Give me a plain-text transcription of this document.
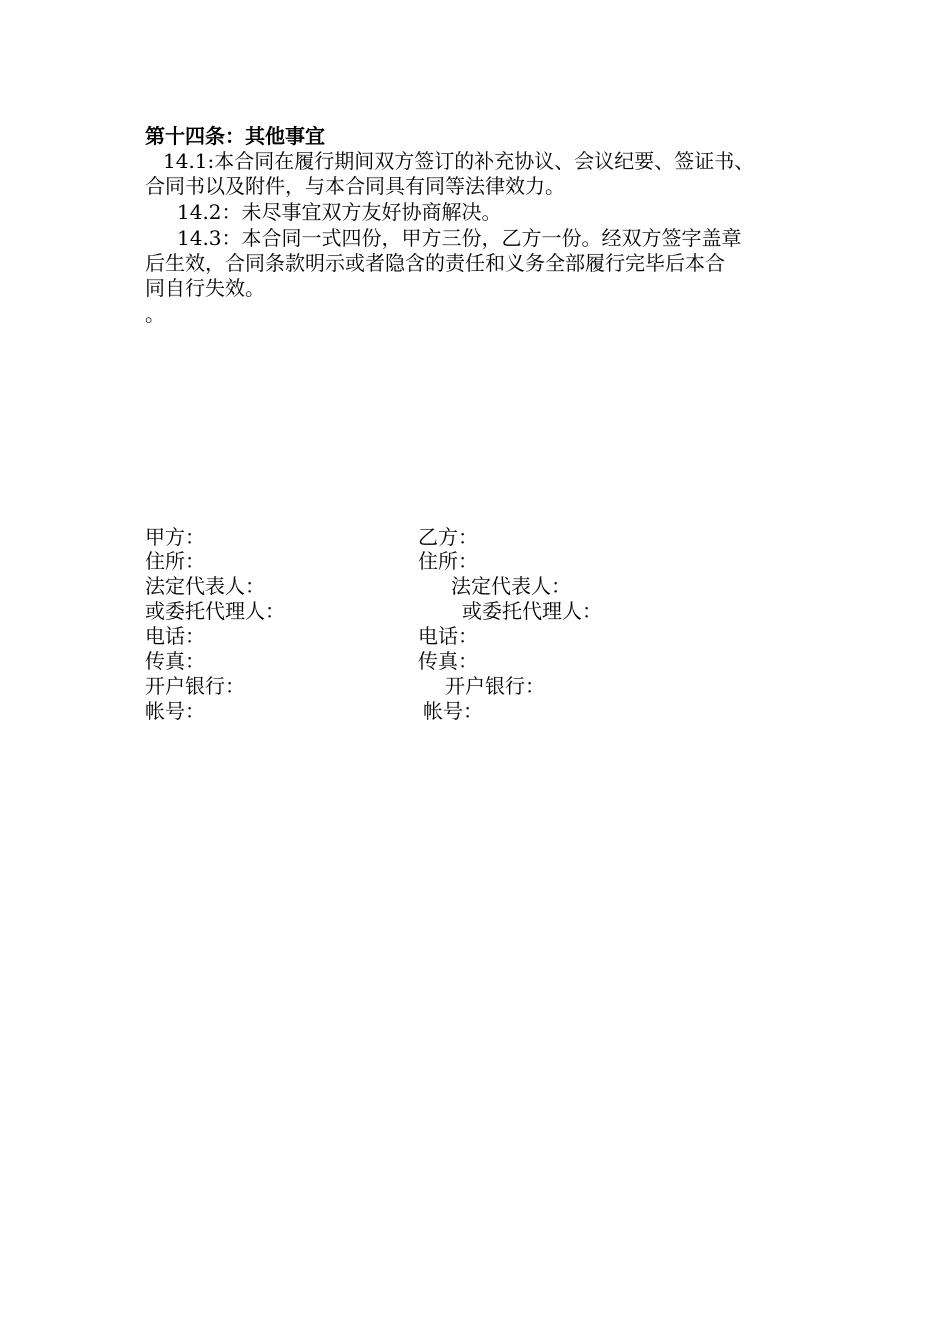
第十四条：其他事宜
14.1:本合同在履行期间双方签订的补充协议、会议纪要、签证书、
合同书以及附件，与本合同具有同等法律效力。
14.2：未尽事宜双方友好协商解决。
14.3：本合同一式四份，甲方三份，乙方一份。经双方签字盖章
后生效，合同条款明示或者隐含的责任和义务全部履行完毕后本合
同自行失效。
。
甲方：
住所：
法定代表人：
或委托代理人：
电话：
传真：
开户银行：
帐号：
乙方：
住所：
法定代表人：
或委托代理人：
电话：
传真：
开户银行：
帐号：
